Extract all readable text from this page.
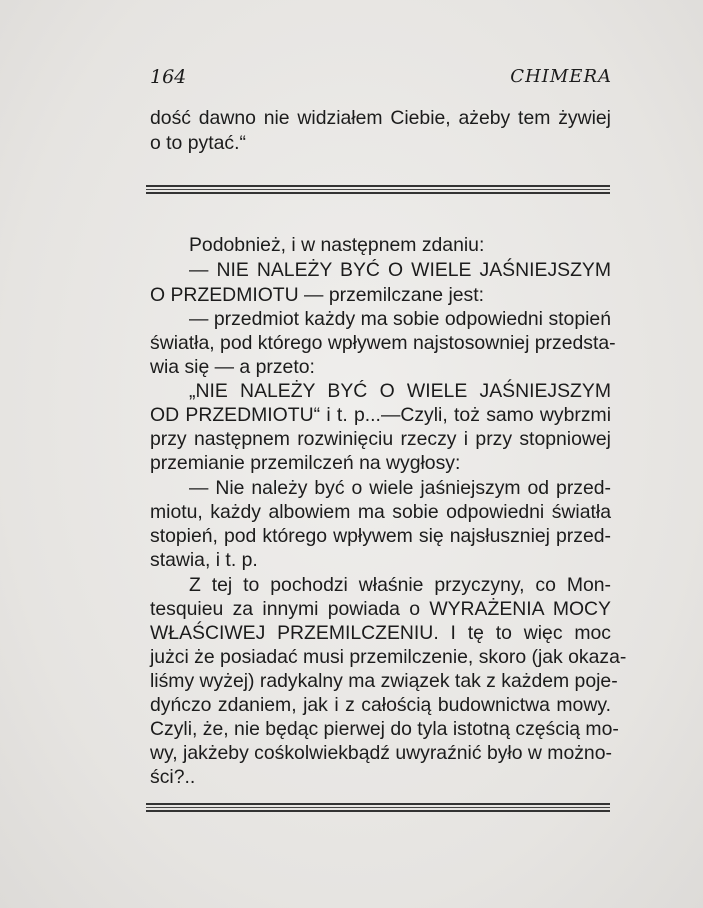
164	CHIMERA
dość dawno nie widziałem Ciebie, ażeby tem żywiej
o to pytać.“
Podobnież, i w następnem zdaniu:
— NIE NALEŻY BYĆ O WIELE JAŚNIEJSZYM
O PRZEDMIOTU — przemilczane jest:
— przedmiot każdy ma sobie odpowiedni stopień
światła, pod którego wpływem najstosowniej przedsta-
wia się — a przeto:
„NIE NALEŻY BYĆ O WIELE JAŚNIEJSZYM
OD PRZEDMIOTU“ i t. p...—Czyli, toż samo wybrzmi
przy następnem rozwinięciu rzeczy i przy stopniowej
przemianie przemilczeń na wygłosy:
— Nie należy być o wiele jaśniejszym od przed-
miotu, każdy albowiem ma sobie odpowiedni światła
stopień, pod którego wpływem się najsłuszniej przed-
stawia, i t. p.
Z tej to pochodzi właśnie przyczyny, co Mon-
tesquieu za innymi powiada o WYRAŻENIA MOCY
WŁAŚCIWEJ PRZEMILCZENIU. I tę to więc moc
jużci że posiadać musi przemilczenie, skoro (jak okaza-
liśmy wyżej) radykalny ma związek tak z każdem poje-
dyńczo zdaniem, jak i z całością budownictwa mowy.
Czyli, że, nie będąc pierwej do tyla istotną częścią mo-
wy, jakżeby cośkolwiekbądź uwyraźnić było w możno-
ści?..
